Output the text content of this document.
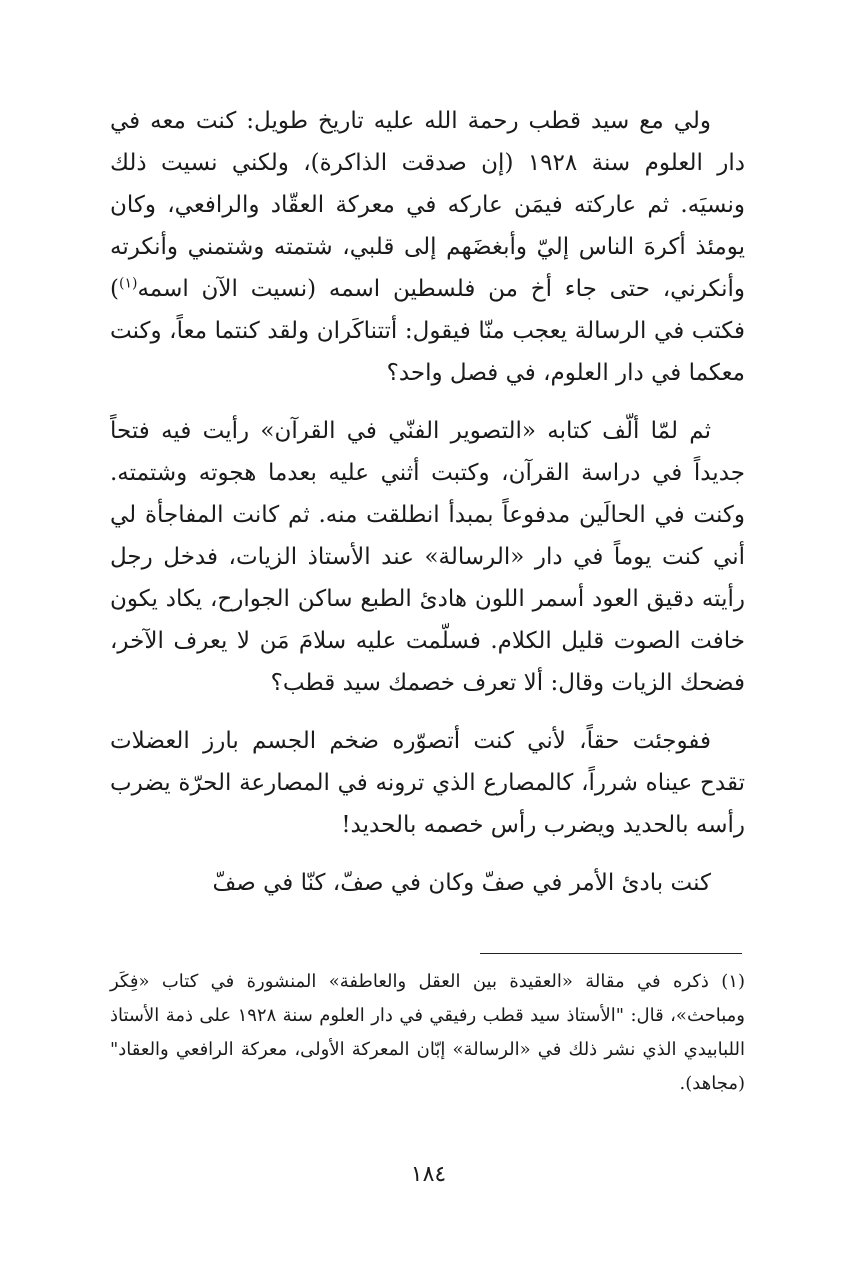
ولي مع سيد قطب رحمة الله عليه تاريخ طويل: كنت معه في دار العلوم سنة ١٩٢٨ (إن صدقت الذاكرة)، ولكني نسيت ذلك ونسيَه. ثم عاركته فيمَن عاركه في معركة العقّاد والرافعي، وكان يومئذ أكرهَ الناس إليّ وأبغضَهم إلى قلبي، شتمته وشتمني وأنكرته وأنكرني، حتى جاء أخ من فلسطين اسمه (نسيت الآن اسمه$^{(١)}$) فكتب في الرسالة يعجب منّا فيقول: أتتناكَران ولقد كنتما معاً، وكنت معكما في دار العلوم، في فصل واحد؟

ثم لمّا ألّف كتابه «التصوير الفنّي في القرآن» رأيت فيه فتحاً جديداً في دراسة القرآن، وكتبت أثني عليه بعدما هجوته وشتمته. وكنت في الحالَين مدفوعاً بمبدأ انطلقت منه. ثم كانت المفاجأة لي أني كنت يوماً في دار «الرسالة» عند الأستاذ الزيات، فدخل رجل رأيته دقيق العود أسمر اللون هادئ الطبع ساكن الجوارح، يكاد يكون خافت الصوت قليل الكلام. فسلّمت عليه سلامَ مَن لا يعرف الآخر، فضحك الزيات وقال: ألا تعرف خصمك سيد قطب؟

ففوجئت حقاً، لأني كنت أتصوّره ضخم الجسم بارز العضلات تقدح عيناه شرراً، كالمصارع الذي ترونه في المصارعة الحرّة يضرب رأسه بالحديد ويضرب رأس خصمه بالحديد!

كنت بادئ الأمر في صفّ وكان في صفّ، كنّا في صفّ

(١) ذكره في مقالة «العقيدة بين العقل والعاطفة» المنشورة في كتاب «فِكَر ومباحث»، قال: "الأستاذ سيد قطب رفيقي في دار العلوم سنة ١٩٢٨ على ذمة الأستاذ اللبابيدي الذي نشر ذلك في «الرسالة» إبّان المعركة الأولى، معركة الرافعي والعقاد" (مجاهد).

١٨٤
